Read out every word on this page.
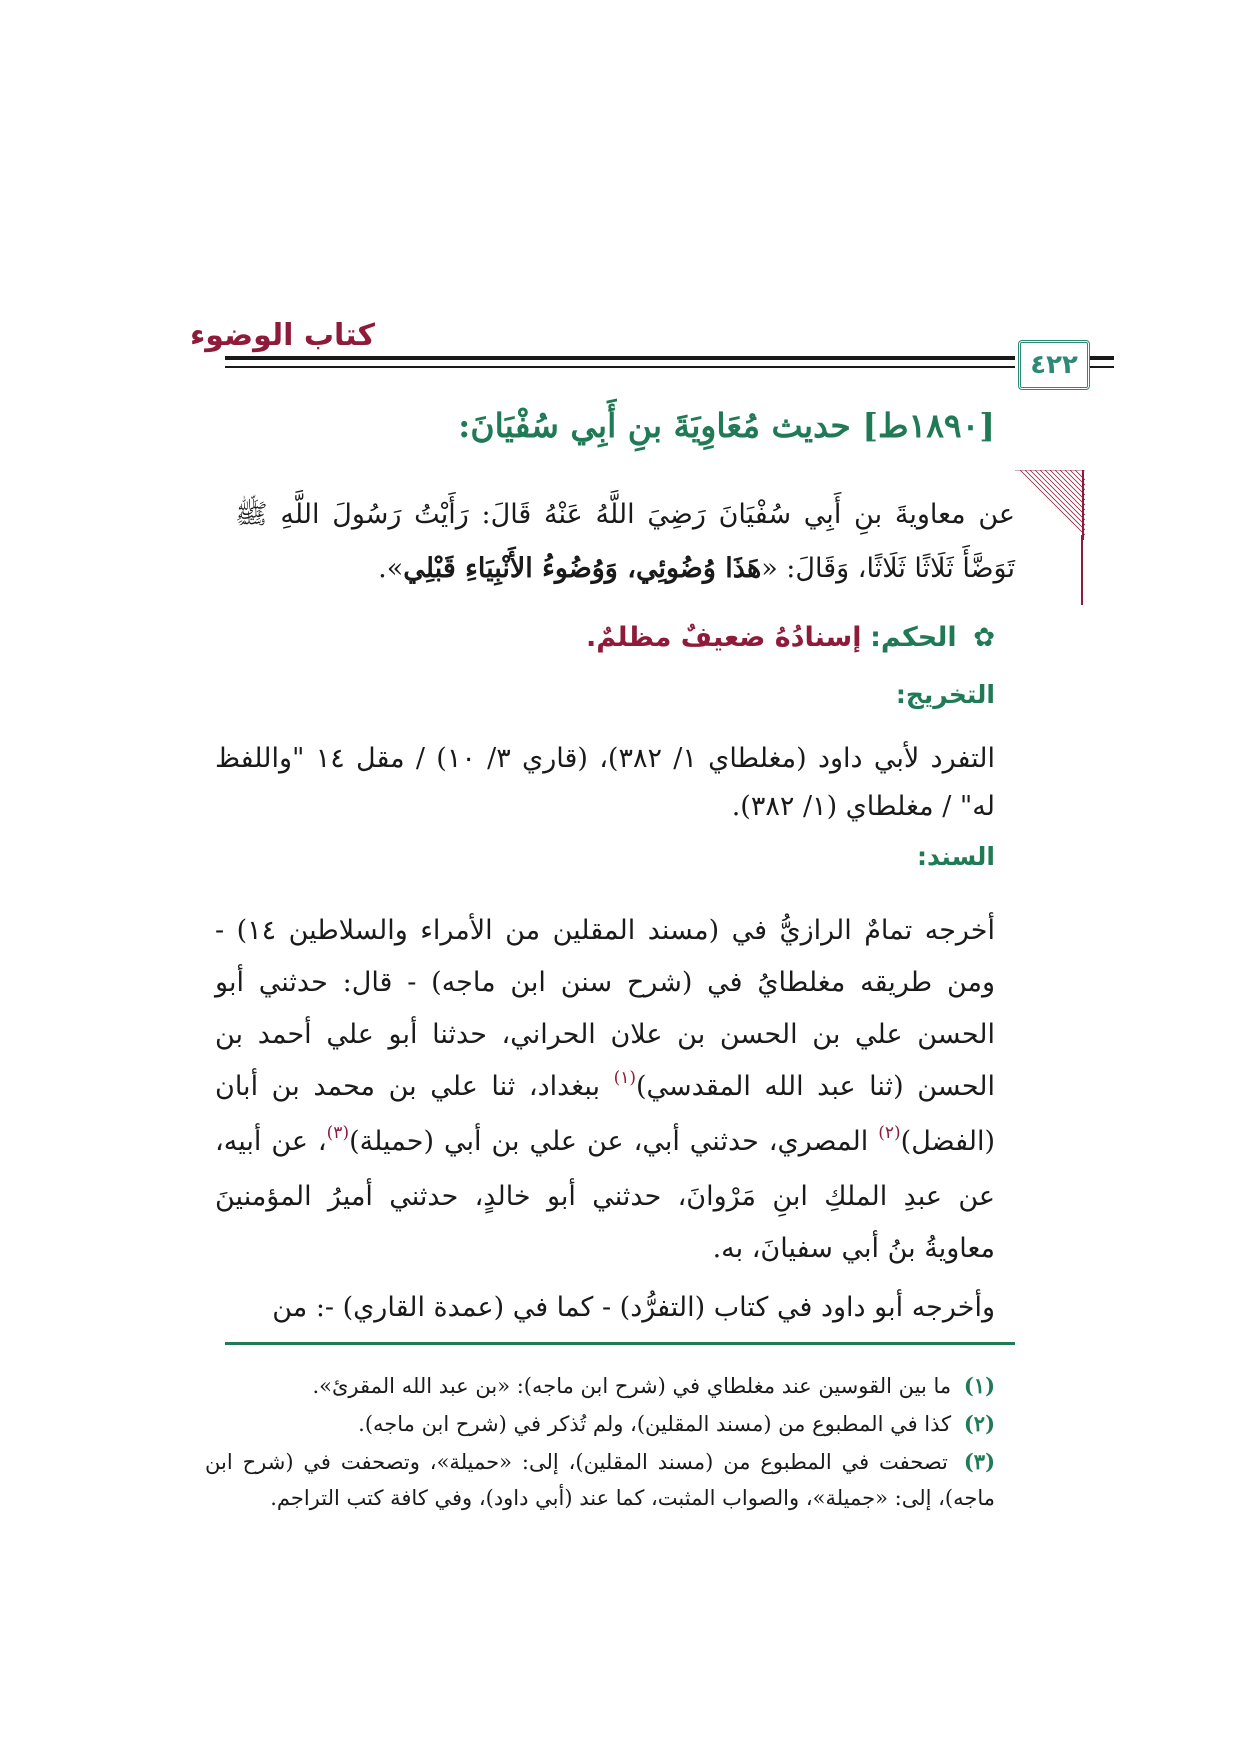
كتاب الوضوء
٤٢٢
[١٨٩٠ط] حديث مُعَاوِيَةَ بنِ أَبِي سُفْيَانَ:
عن معاويةَ بنِ أَبِي سُفْيَانَ رَضِيَ اللَّهُ عَنْهُ قَالَ: رَأَيْتُ رَسُولَ اللَّهِ ﷺ تَوَضَّأَ ثَلَاثًا ثَلَاثًا، وَقَالَ: «هَذَا وُضُوئِي، وَوُضُوءُ الأَنْبِيَاءِ قَبْلِي».
✿ الحكم: إسنادُهُ ضعيفٌ مظلمٌ.
التخريج:
التفرد لأبي داود (مغلطاي ١/ ٣٨٢)، (قاري ٣/ ١٠) / مقل ١٤ "واللفظ له" / مغلطاي (١/ ٣٨٢).
السند:
أخرجه تمامٌ الرازيُّ في (مسند المقلين من الأمراء والسلاطين ١٤) - ومن طريقه مغلطايُ في (شرح سنن ابن ماجه) - قال: حدثني أبو الحسن علي بن الحسن بن علان الحراني، حدثنا أبو علي أحمد بن الحسن (ثنا عبد الله المقدسي)$^{(١)}$ ببغداد، ثنا علي بن محمد بن أبان (الفضل)$^{(٢)}$ المصري، حدثني أبي، عن علي بن أبي (حميلة)$^{(٣)}$، عن أبيه، عن عبدِ الملكِ ابنِ مَرْوانَ، حدثني أبو خالدٍ، حدثني أميرُ المؤمنينَ معاويةُ بنُ أبي سفيانَ، به.
وأخرجه أبو داود في كتاب (التفرُّد) - كما في (عمدة القاري) -: من
(١) ما بين القوسين عند مغلطاي في (شرح ابن ماجه): «بن عبد الله المقرئ».
(٢) كذا في المطبوع من (مسند المقلين)، ولم تُذكر في (شرح ابن ماجه).
(٣) تصحفت في المطبوع من (مسند المقلين)، إلى: «حميلة»، وتصحفت في (شرح ابن ماجه)، إلى: «جميلة»، والصواب المثبت، كما عند (أبي داود)، وفي كافة كتب التراجم.
